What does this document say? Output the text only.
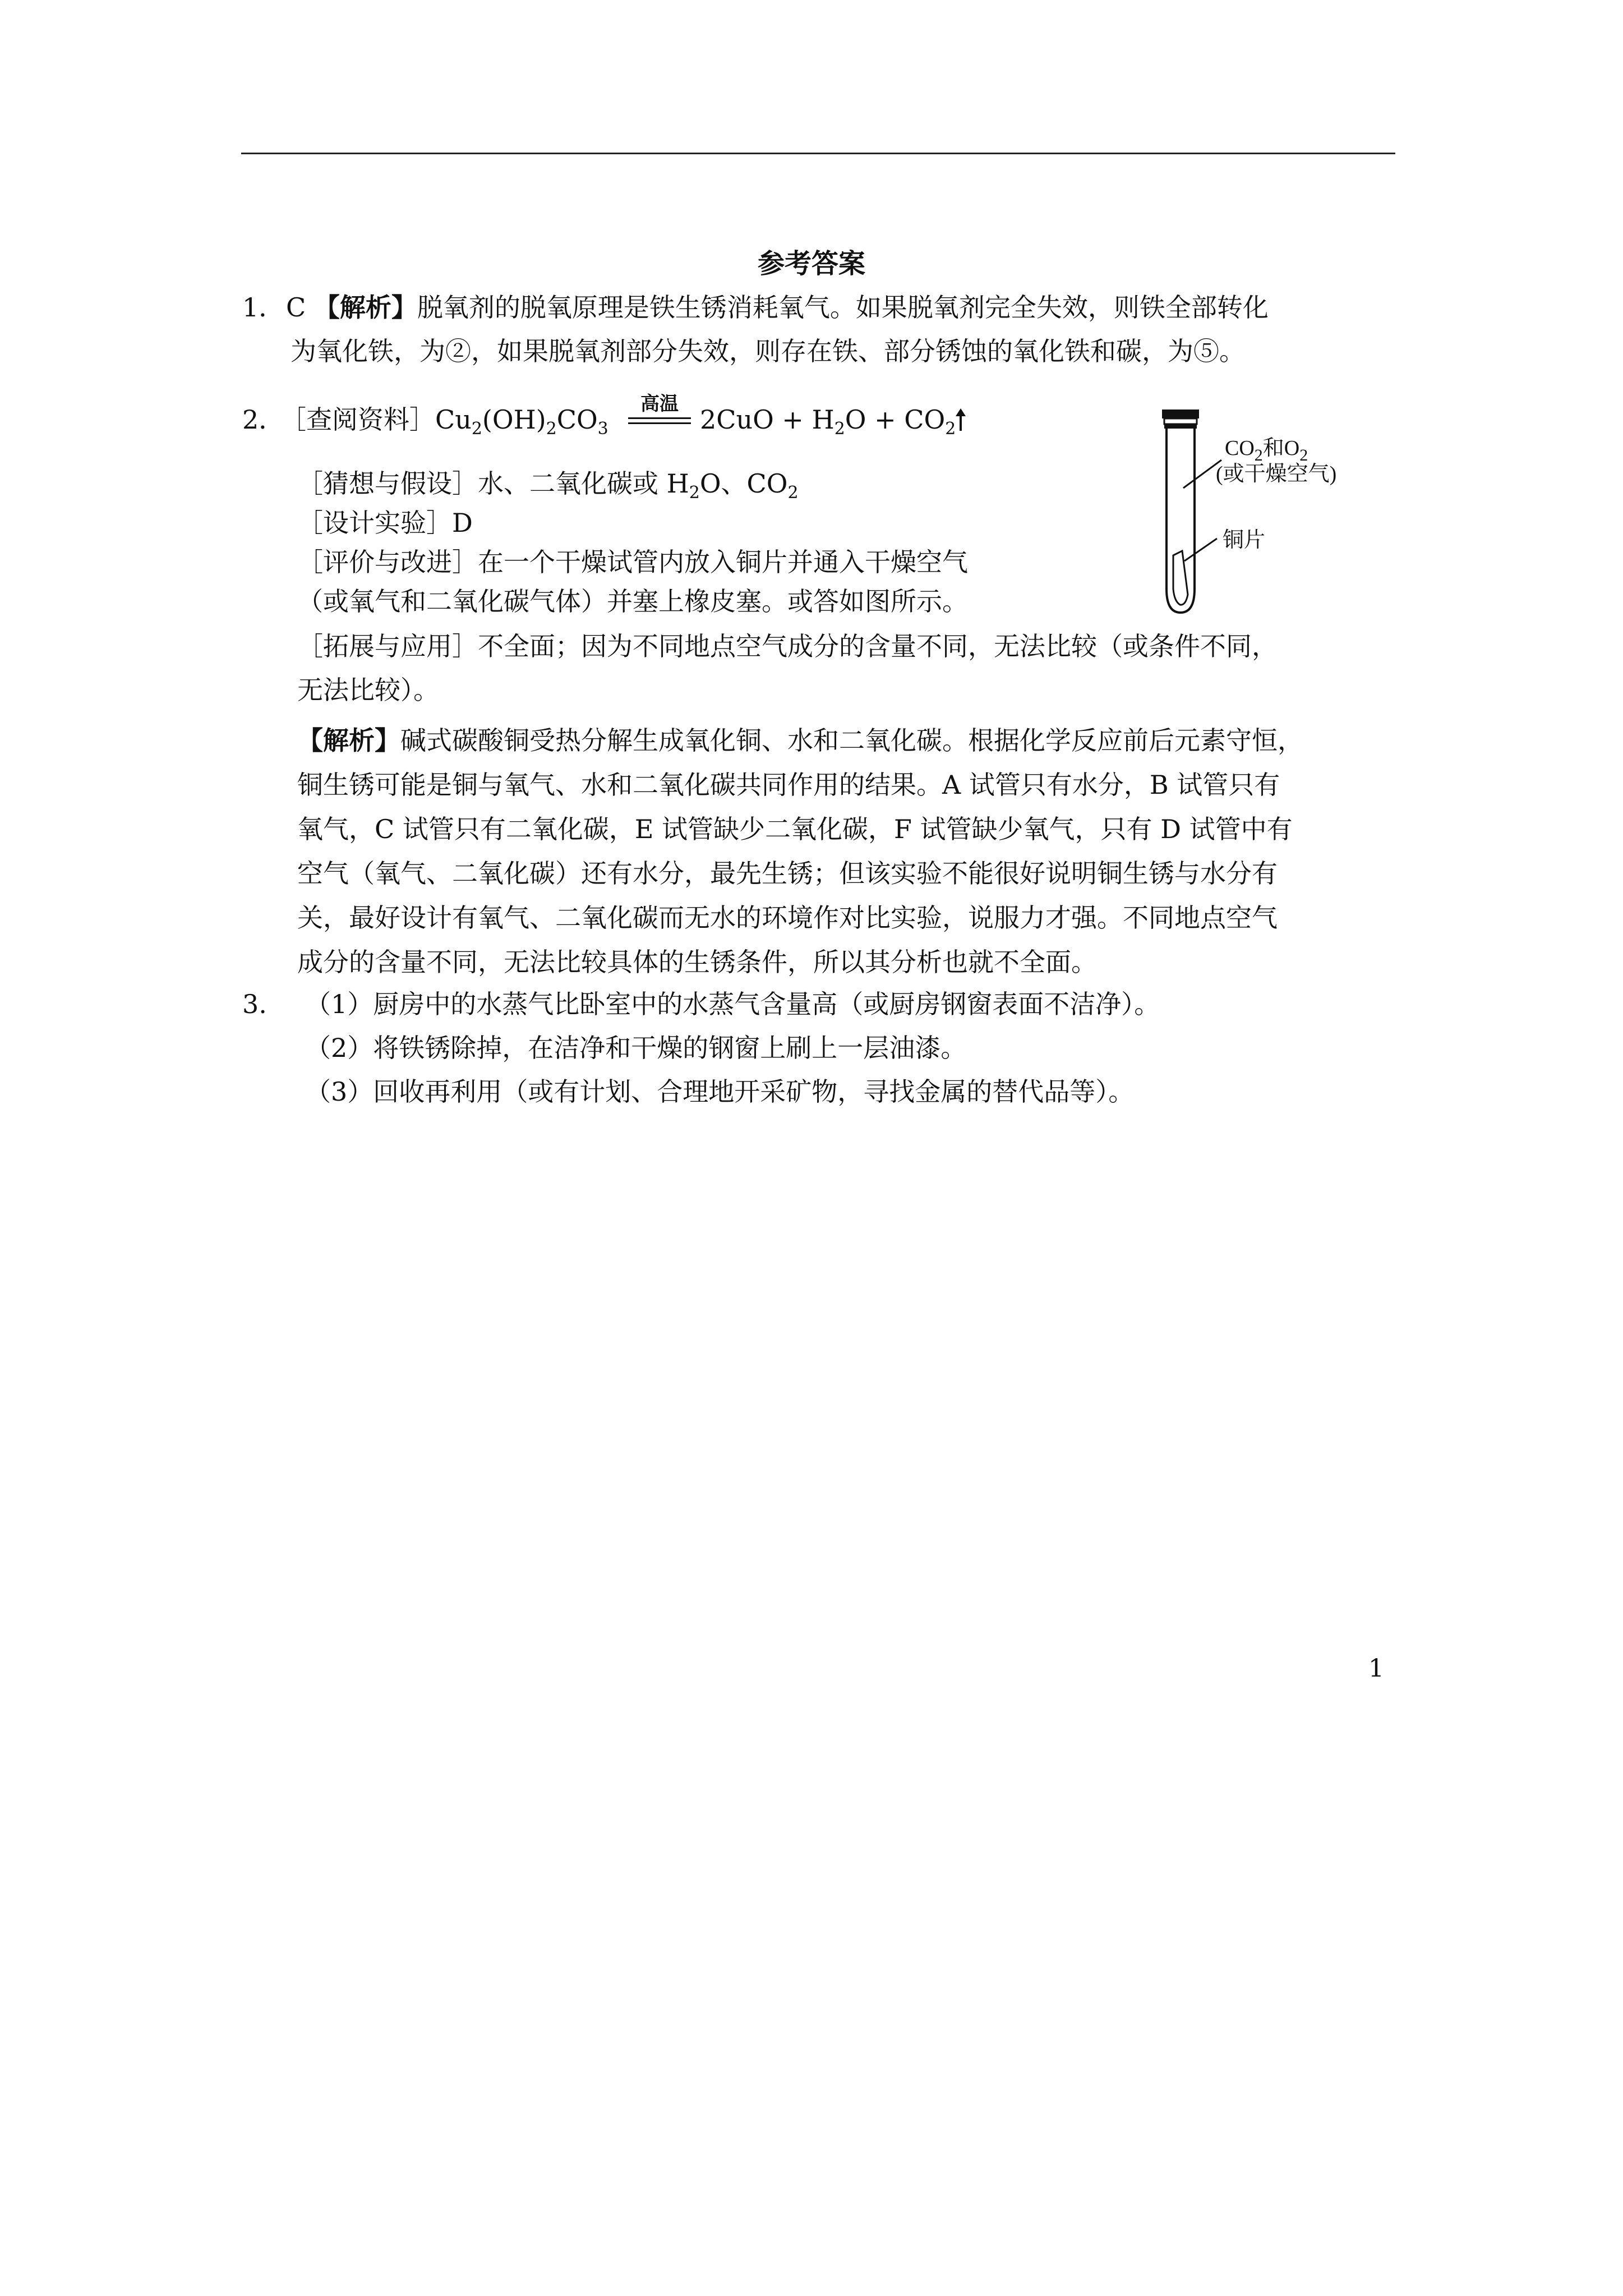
参考答案
1． C 【解析】脱氧剂的脱氧原理是铁生锈消耗氧气。如果脱氧剂完全失效，则铁全部转化
为氧化铁，为②，如果脱氧剂部分失效，则存在铁、部分锈蚀的氧化铁和碳，为⑤。
2．
［查阅资料$]Cu_2(OH)_2CO_3$
高温
$2CuO + H_2O + CO_2$
［猜想与假设］水、二氧化碳或 $H_2O$、$CO_2$
［设计实验］D
［评价与改进］在一个干燥试管内放入铜片并通入干燥空气
（或氧气和二氧化碳气体）并塞上橡皮塞。或答如图所示。
［拓展与应用］不全面；因为不同地点空气成分的含量不同，无法比较（或条件不同，
无法比较）。
【解析】碱式碳酸铜受热分解生成氧化铜、水和二氧化碳。根据化学反应前后元素守恒，
铜生锈可能是铜与氧气、水和二氧化碳共同作用的结果。A 试管只有水分，B 试管只有
氧气，C 试管只有二氧化碳，E 试管缺少二氧化碳，F 试管缺少氧气，只有 D 试管中有
空气（氧气、二氧化碳）还有水分，最先生锈；但该实验不能很好说明铜生锈与水分有
关，最好设计有氧气、二氧化碳而无水的环境作对比实验，说服力才强。不同地点空气
成分的含量不同，无法比较具体的生锈条件，所以其分析也就不全面。
$CO_2$和$O_2$
(或干燥空气)
铜片
3. （1）厨房中的水蒸气比卧室中的水蒸气含量高（或厨房钢窗表面不洁净）。
（2）将铁锈除掉，在洁净和干燥的钢窗上刷上一层油漆。
（3）回收再利用（或有计划、合理地开采矿物，寻找金属的替代品等）。
1
